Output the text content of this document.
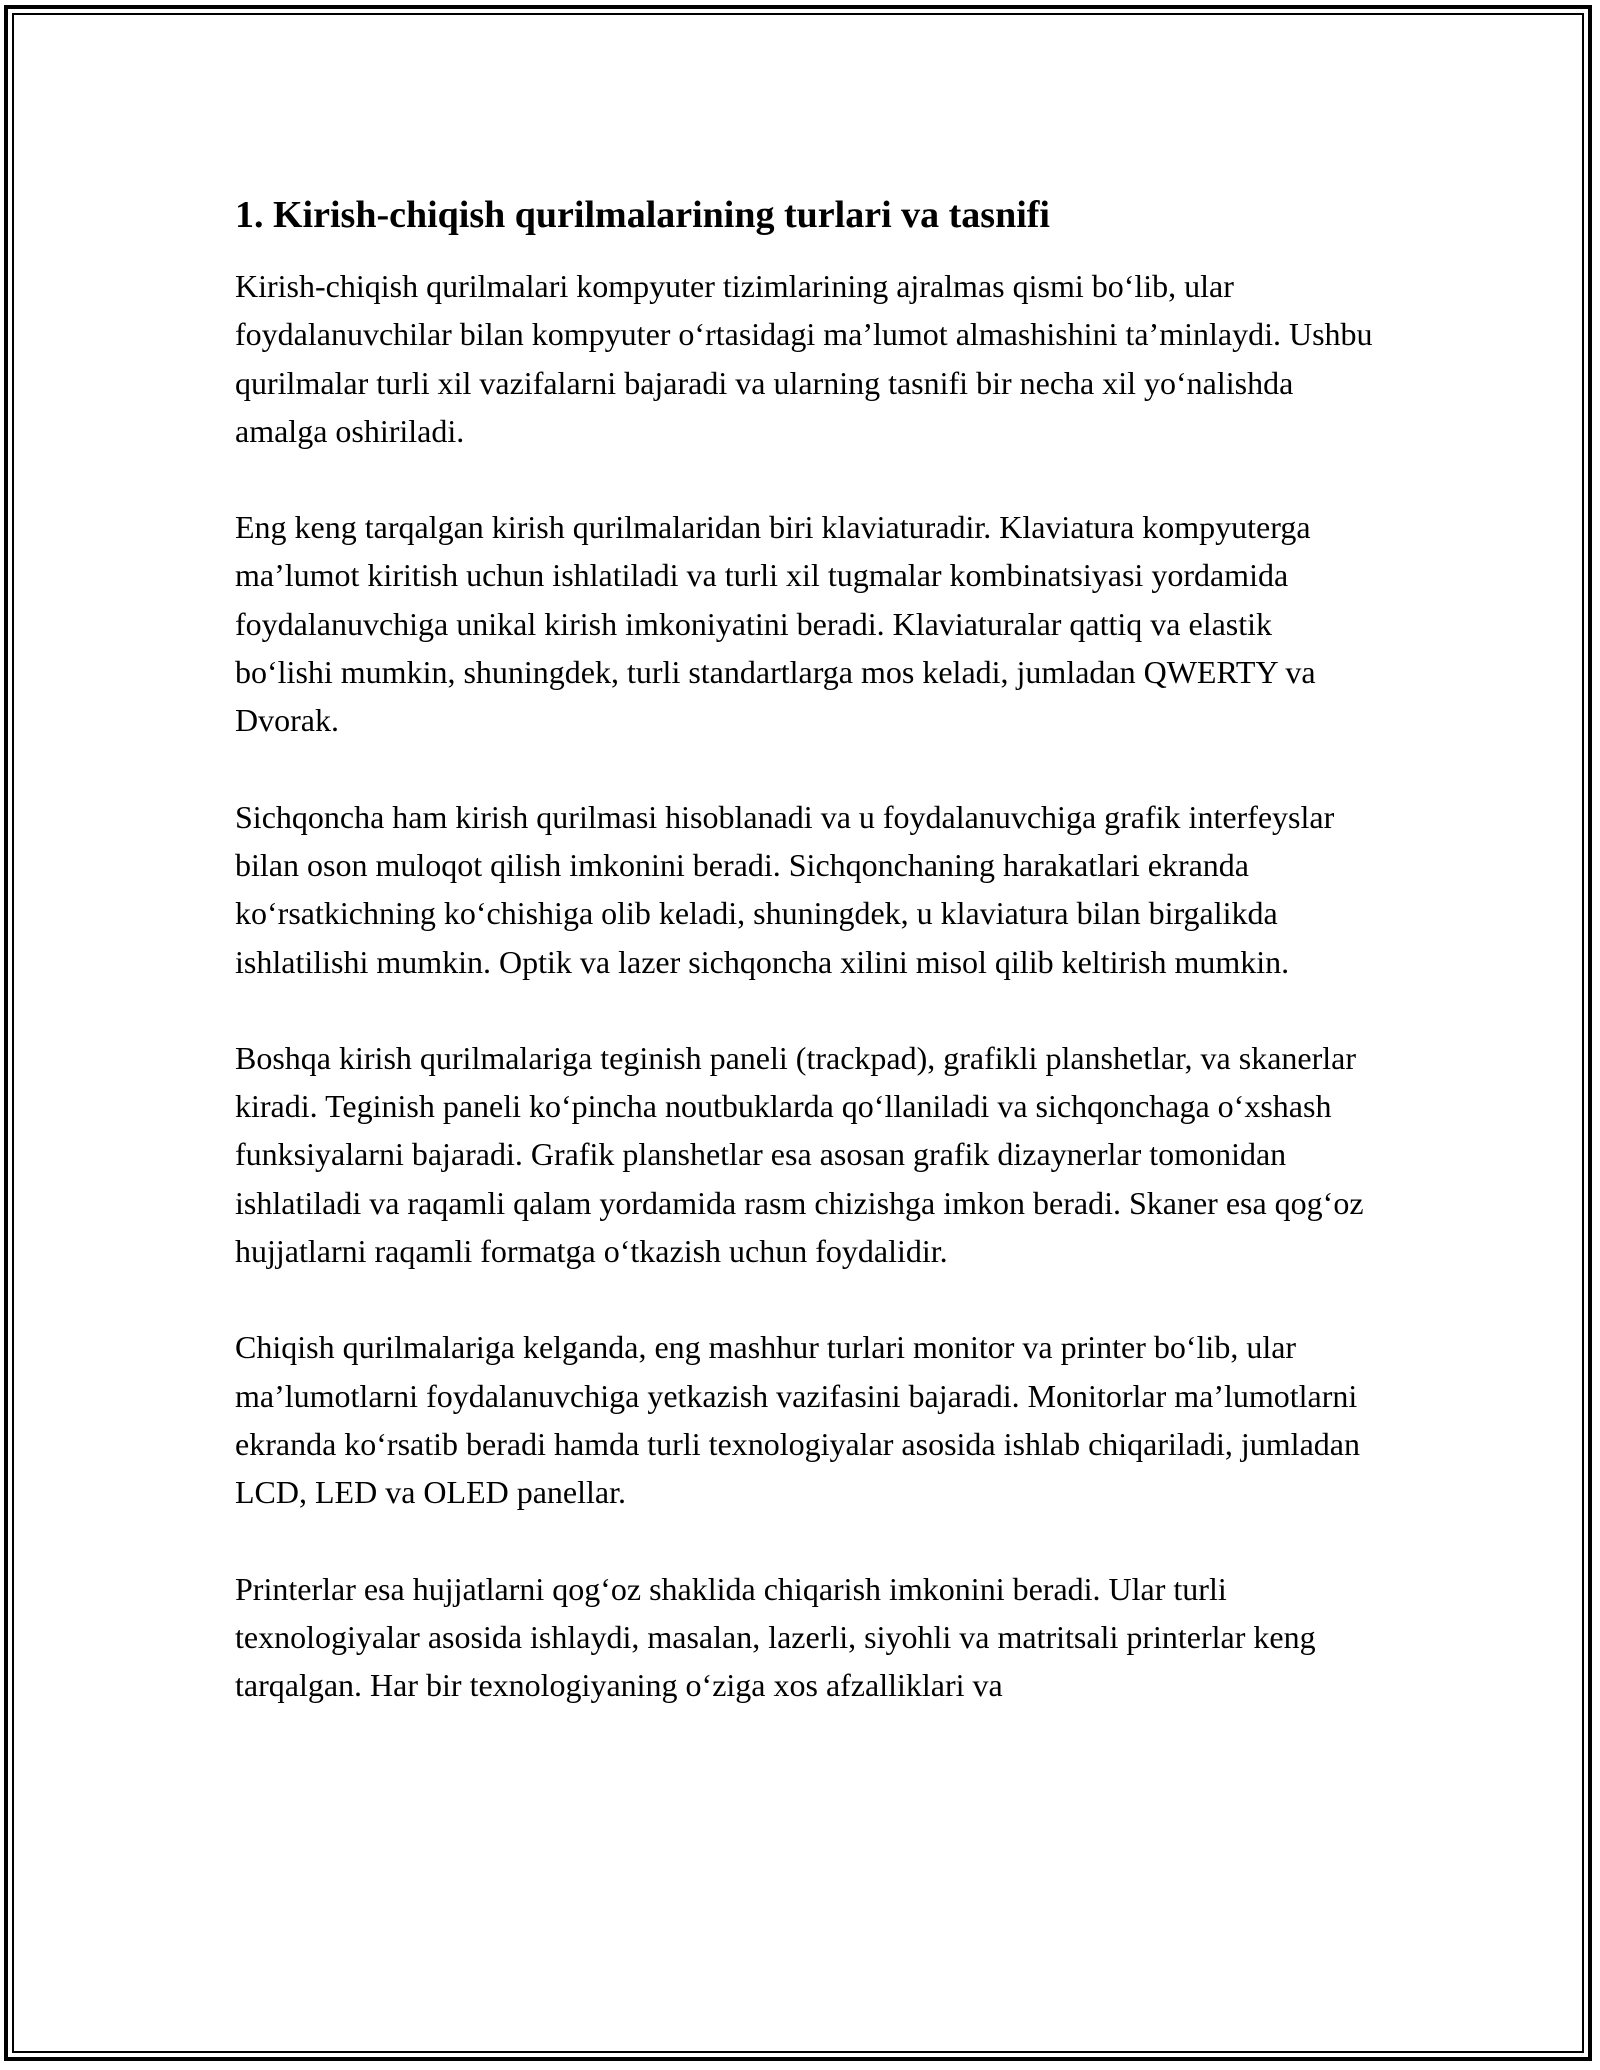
1. Kirish-chiqish qurilmalarining turlari va tasnifi

Kirish-chiqish qurilmalari kompyuter tizimlarining ajralmas qismi bo‘lib, ular foydalanuvchilar bilan kompyuter o‘rtasidagi ma’lumot almashishini ta’minlaydi. Ushbu qurilmalar turli xil vazifalarni bajaradi va ularning tasnifi bir necha xil yo‘nalishda amalga oshiriladi.

Eng keng tarqalgan kirish qurilmalaridan biri klaviaturadir. Klaviatura kompyuterga ma’lumot kiritish uchun ishlatiladi va turli xil tugmalar kombinatsiyasi yordamida foydalanuvchiga unikal kirish imkoniyatini beradi. Klaviaturalar qattiq va elastik bo‘lishi mumkin, shuningdek, turli standartlarga mos keladi, jumladan QWERTY va Dvorak.

Sichqoncha ham kirish qurilmasi hisoblanadi va u foydalanuvchiga grafik interfeyslar bilan oson muloqot qilish imkonini beradi. Sichqonchaning harakatlari ekranda ko‘rsatkichning ko‘chishiga olib keladi, shuningdek, u klaviatura bilan birgalikda ishlatilishi mumkin. Optik va lazer sichqoncha xilini misol qilib keltirish mumkin.

Boshqa kirish qurilmalariga teginish paneli (trackpad), grafikli planshetlar, va skanerlar kiradi. Teginish paneli ko‘pincha noutbuklarda qo‘llaniladi va sichqonchaga o‘xshash funksiyalarni bajaradi. Grafik planshetlar esa asosan grafik dizaynerlar tomonidan ishlatiladi va raqamli qalam yordamida rasm chizishga imkon beradi. Skaner esa qog‘oz hujjatlarni raqamli formatga o‘tkazish uchun foydalidir.

Chiqish qurilmalariga kelganda, eng mashhur turlari monitor va printer bo‘lib, ular ma’lumotlarni foydalanuvchiga yetkazish vazifasini bajaradi. Monitorlar ma’lumotlarni ekranda ko‘rsatib beradi hamda turli texnologiyalar asosida ishlab chiqariladi, jumladan LCD, LED va OLED panellar.

Printerlar esa hujjatlarni qog‘oz shaklida chiqarish imkonini beradi. Ular turli texnologiyalar asosida ishlaydi, masalan, lazerli, siyohli va matritsali printerlar keng tarqalgan. Har bir texnologiyaning o‘ziga xos afzalliklari va
